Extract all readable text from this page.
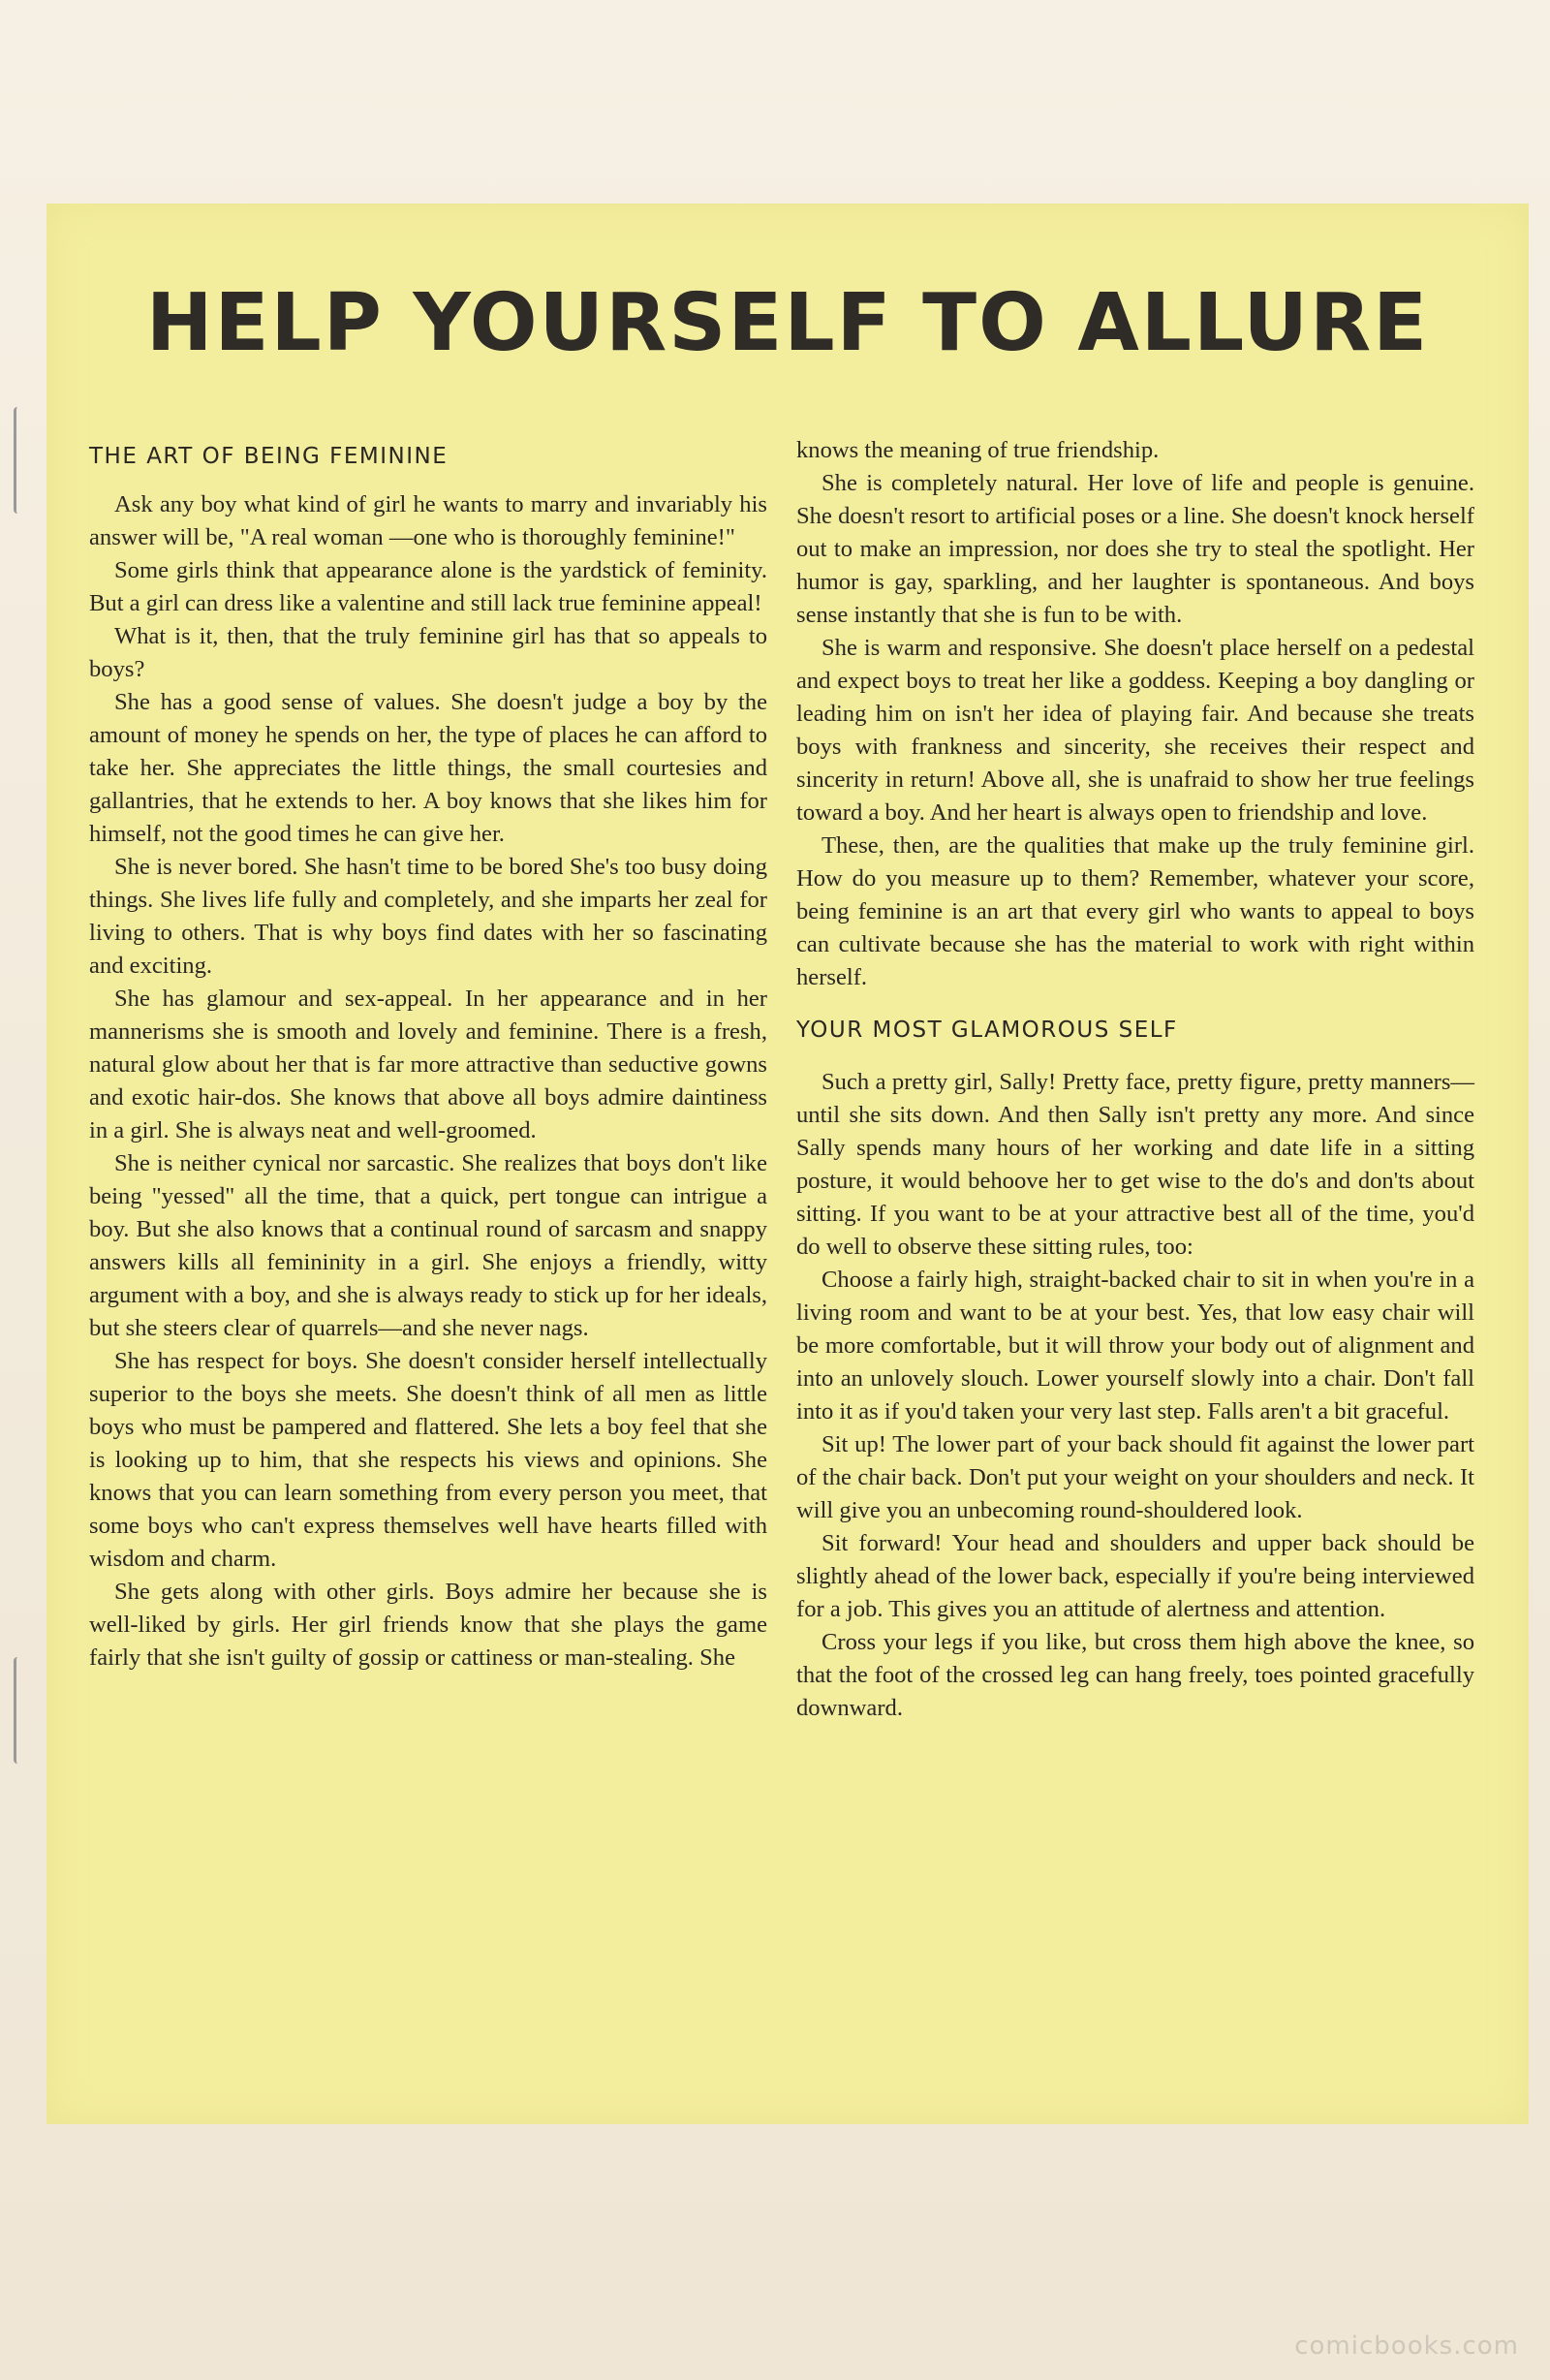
HELP YOURSELF TO ALLURE
THE ART OF BEING FEMININE

Ask any boy what kind of girl he wants to marry and invariably his answer will be, "A real woman —one who is thoroughly feminine!"

Some girls think that appearance alone is the yardstick of feminity. But a girl can dress like a valentine and still lack true feminine appeal!

What is it, then, that the truly feminine girl has that so appeals to boys?

She has a good sense of values. She doesn't judge a boy by the amount of money he spends on her, the type of places he can afford to take her. She appreciates the little things, the small courtesies and gallantries, that he extends to her. A boy knows that she likes him for himself, not the good times he can give her.

She is never bored. She hasn't time to be bored She's too busy doing things. She lives life fully and completely, and she imparts her zeal for living to others. That is why boys find dates with her so fascinating and exciting.

She has glamour and sex-appeal. In her appearance and in her mannerisms she is smooth and lovely and feminine. There is a fresh, natural glow about her that is far more attractive than seductive gowns and exotic hair-dos. She knows that above all boys admire daintiness in a girl. She is always neat and well-groomed.

She is neither cynical nor sarcastic. She realizes that boys don't like being "yessed" all the time, that a quick, pert tongue can intrigue a boy. But she also knows that a continual round of sarcasm and snappy answers kills all femininity in a girl. She enjoys a friendly, witty argument with a boy, and she is always ready to stick up for her ideals, but she steers clear of quarrels—and she never nags.

She has respect for boys. She doesn't consider herself intellectually superior to the boys she meets. She doesn't think of all men as little boys who must be pampered and flattered. She lets a boy feel that she is looking up to him, that she respects his views and opinions. She knows that you can learn something from every person you meet, that some boys who can't express themselves well have hearts filled with wisdom and charm.

She gets along with other girls. Boys admire her because she is well-liked by girls. Her girl friends know that she plays the game fairly that she isn't guilty of gossip or cattiness or man-stealing. She

knows the meaning of true friendship.

She is completely natural. Her love of life and people is genuine. She doesn't resort to artificial poses or a line. She doesn't knock herself out to make an impression, nor does she try to steal the spotlight. Her humor is gay, sparkling, and her laughter is spontaneous. And boys sense instantly that she is fun to be with.

She is warm and responsive. She doesn't place herself on a pedestal and expect boys to treat her like a goddess. Keeping a boy dangling or leading him on isn't her idea of playing fair. And because she treats boys with frankness and sincerity, she receives their respect and sincerity in return! Above all, she is unafraid to show her true feelings toward a boy. And her heart is always open to friendship and love.

These, then, are the qualities that make up the truly feminine girl. How do you measure up to them? Remember, whatever your score, being feminine is an art that every girl who wants to appeal to boys can cultivate because she has the material to work with right within herself.

YOUR MOST GLAMOROUS SELF

Such a pretty girl, Sally! Pretty face, pretty figure, pretty manners—until she sits down. And then Sally isn't pretty any more. And since Sally spends many hours of her working and date life in a sitting posture, it would behoove her to get wise to the do's and don'ts about sitting. If you want to be at your attractive best all of the time, you'd do well to observe these sitting rules, too:

Choose a fairly high, straight-backed chair to sit in when you're in a living room and want to be at your best. Yes, that low easy chair will be more comfortable, but it will throw your body out of alignment and into an unlovely slouch. Lower yourself slowly into a chair. Don't fall into it as if you'd taken your very last step. Falls aren't a bit graceful.

Sit up! The lower part of your back should fit against the lower part of the chair back. Don't put your weight on your shoulders and neck. It will give you an unbecoming round-shouldered look.

Sit forward! Your head and shoulders and upper back should be slightly ahead of the lower back, especially if you're being interviewed for a job. This gives you an attitude of alertness and attention.

Cross your legs if you like, but cross them high above the knee, so that the foot of the crossed leg can hang freely, toes pointed gracefully downward.

comicbooks.com
